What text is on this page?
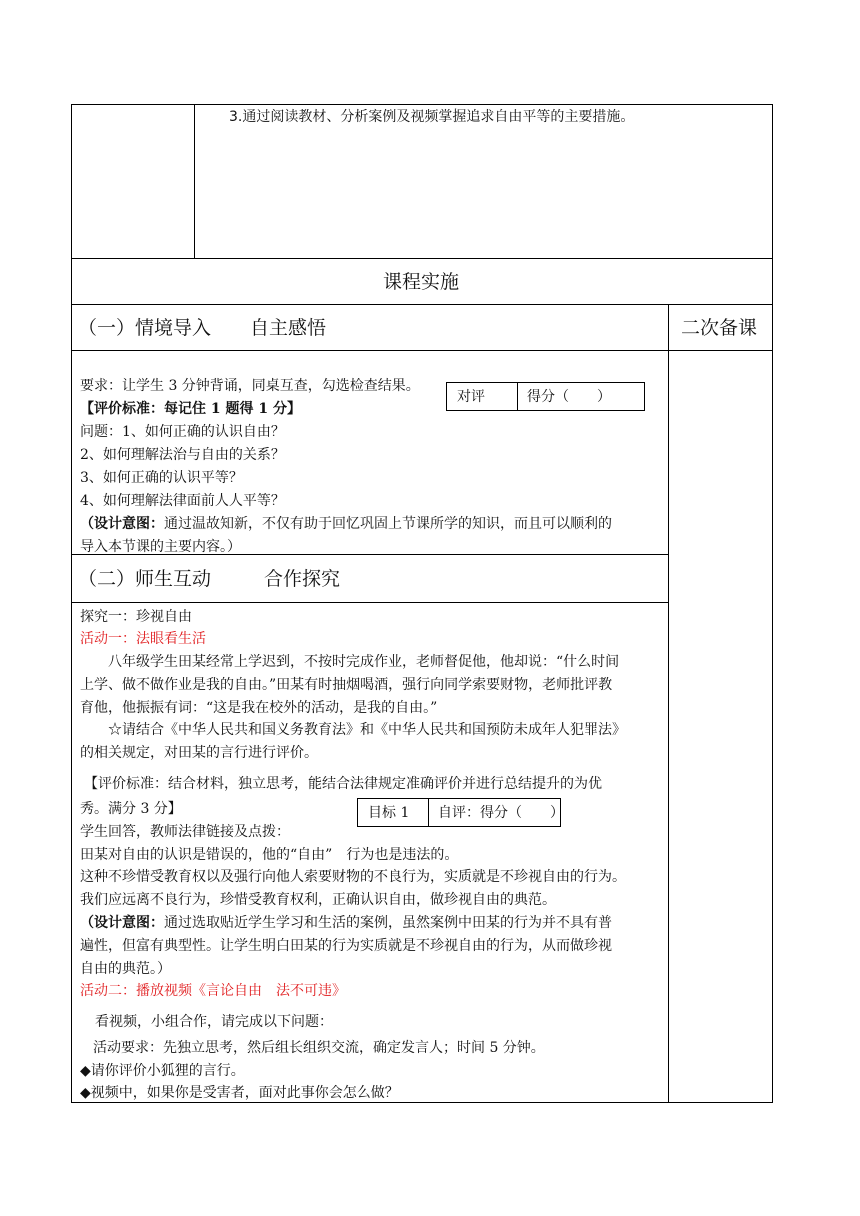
3.通过阅读教材、分析案例及视频掌握追求自由平等的主要措施。
课程实施
（一）情境导入 自主感悟	二次备课
要求：让学生 3 分钟背诵，同桌互查，勾选检查结果。
对评	得分（　　）
【评价标准：每记住 1 题得 1 分】
问题：1、如何正确的认识自由？
2、如何理解法治与自由的关系？
3、如何正确的认识平等？
4、如何理解法律面前人人平等？
（设计意图：通过温故知新，不仅有助于回忆巩固上节课所学的知识，而且可以顺利的
导入本节课的主要内容。）
（二）师生互动	合作探究
探究一：珍视自由
活动一：法眼看生活
八年级学生田某经常上学迟到，不按时完成作业，老师督促他，他却说：“什么时间
上学、做不做作业是我的自由。”田某有时抽烟喝酒，强行向同学索要财物，老师批评教
育他，他振振有词：“这是我在校外的活动，是我的自由。”
☆请结合《中华人民共和国义务教育法》和《中华人民共和国预防未成年人犯罪法》
的相关规定，对田某的言行进行评价。
【评价标准：结合材料，独立思考，能结合法律规定准确评价并进行总结提升的为优
秀。满分 3 分】	目标 1 自评：得分（　　）
学生回答，教师法律链接及点拨：
田某对自由的认识是错误的，他的“自由”　行为也是违法的。
这种不珍惜受教育权以及强行向他人索要财物的不良行为，实质就是不珍视自由的行为。
我们应远离不良行为，珍惜受教育权利，正确认识自由，做珍视自由的典范。
（设计意图：通过选取贴近学生学习和生活的案例，虽然案例中田某的行为并不具有普
遍性，但富有典型性。让学生明白田某的行为实质就是不珍视自由的行为，从而做珍视
自由的典范。）
活动二：播放视频《言论自由　法不可违》
看视频，小组合作，请完成以下问题：
活动要求：先独立思考，然后组长组织交流，确定发言人；时间 5 分钟。
◆请你评价小狐狸的言行。
◆视频中，如果你是受害者，面对此事你会怎么做？
